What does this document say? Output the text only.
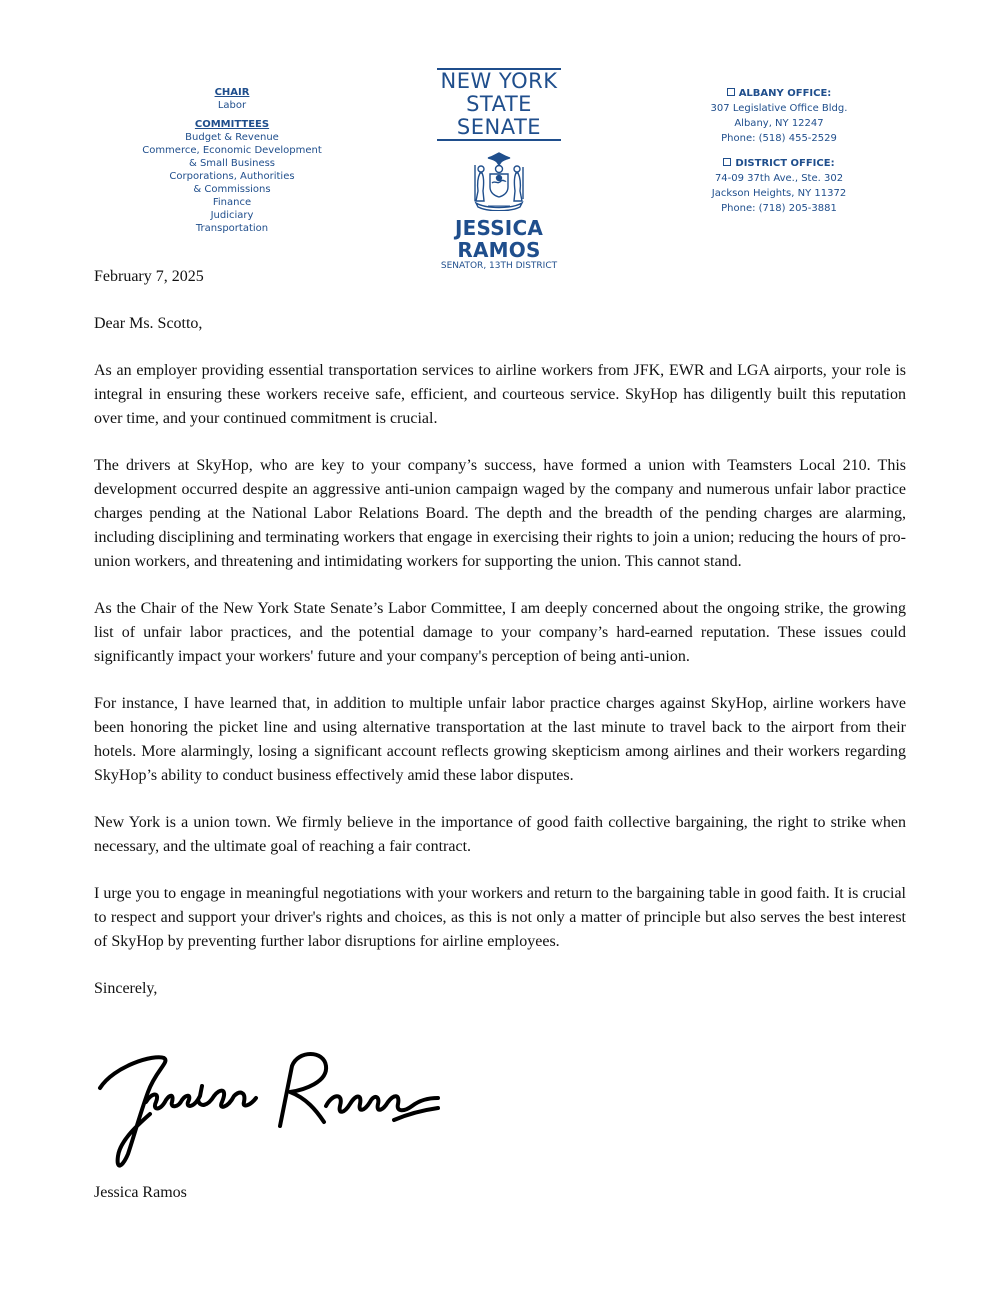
CHAIR
Labor
COMMITTEES
Budget & Revenue
Commerce, Economic Development
& Small Business
Corporations, Authorities
& Commissions
Finance
Judiciary
Transportation
NEW YORK
STATE
SENATE
JESSICA RAMOS
SENATOR, 13TH DISTRICT
ALBANY OFFICE:
307 Legislative Office Bldg.
Albany, NY 12247
Phone: (518) 455-2529
DISTRICT OFFICE:
74-09 37th Ave., Ste. 302
Jackson Heights, NY 11372
Phone: (718) 205-3881

February 7, 2025

Dear Ms. Scotto,

As an employer providing essential transportation services to airline workers from JFK, EWR and LGA airports, your role is integral in ensuring these workers receive safe, efficient, and courteous service. SkyHop has diligently built this reputation over time, and your continued commitment is crucial.

The drivers at SkyHop, who are key to your company’s success, have formed a union with Teamsters Local 210. This development occurred despite an aggressive anti-union campaign waged by the company and numerous unfair labor practice charges pending at the National Labor Relations Board. The depth and the breadth of the pending charges are alarming, including disciplining and terminating workers that engage in exercising their rights to join a union; reducing the hours of pro-union workers, and threatening and intimidating workers for supporting the union. This cannot stand.

As the Chair of the New York State Senate’s Labor Committee, I am deeply concerned about the ongoing strike, the growing list of unfair labor practices, and the potential damage to your company’s hard-earned reputation. These issues could significantly impact your workers' future and your company's perception of being anti-union.

For instance, I have learned that, in addition to multiple unfair labor practice charges against SkyHop, airline workers have been honoring the picket line and using alternative transportation at the last minute to travel back to the airport from their hotels. More alarmingly, losing a significant account reflects growing skepticism among airlines and their workers regarding SkyHop’s ability to conduct business effectively amid these labor disputes.

New York is a union town. We firmly believe in the importance of good faith collective bargaining, the right to strike when necessary, and the ultimate goal of reaching a fair contract.

I urge you to engage in meaningful negotiations with your workers and return to the bargaining table in good faith. It is crucial to respect and support your driver's rights and choices, as this is not only a matter of principle but also serves the best interest of SkyHop by preventing further labor disruptions for airline employees.

Sincerely,

Jessica Ramos
